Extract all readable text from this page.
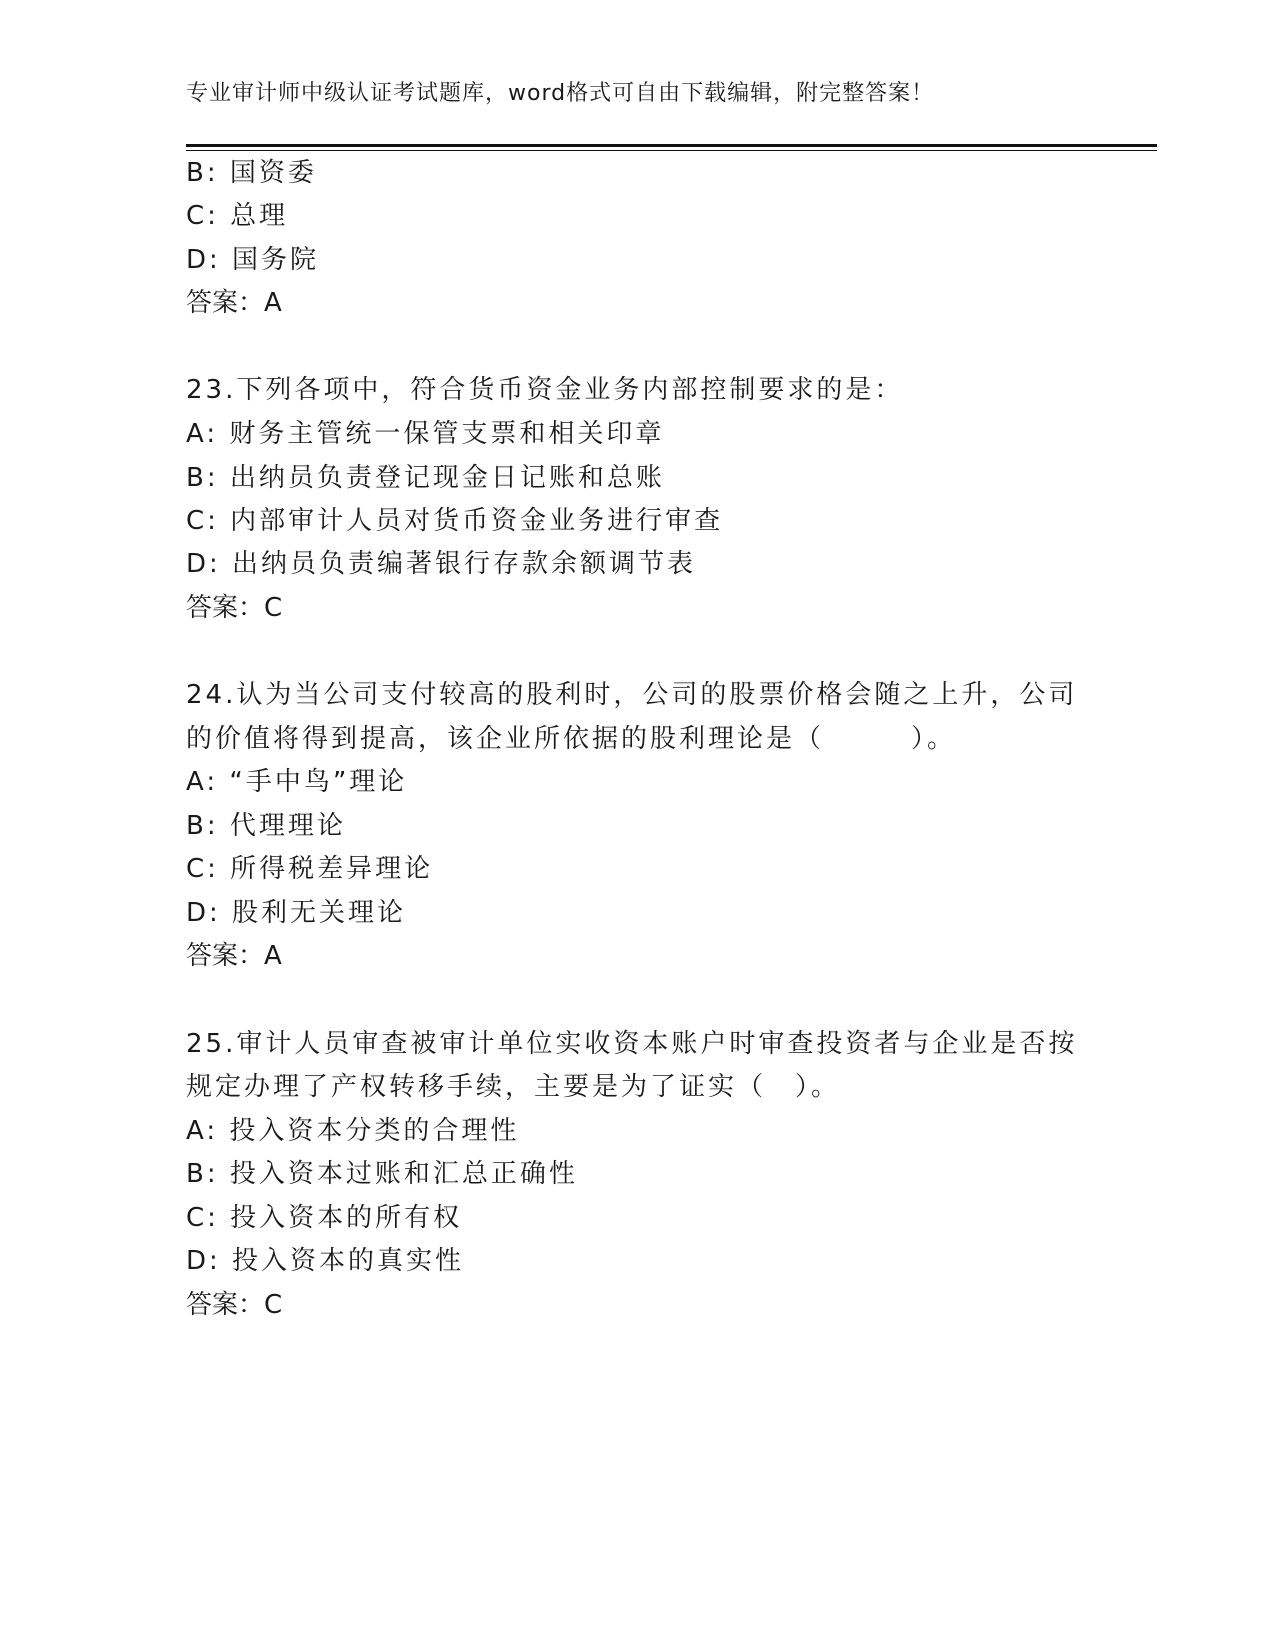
专业审计师中级认证考试题库，word格式可自由下载编辑，附完整答案！
B: 国资委
C: 总理
D: 国务院
答案：A
23.下列各项中，符合货币资金业务内部控制要求的是：
A: 财务主管统一保管支票和相关印章
B: 出纳员负责登记现金日记账和总账
C: 内部审计人员对货币资金业务进行审查
D: 出纳员负责编著银行存款余额调节表
答案：C
24.认为当公司支付较高的股利时，公司的股票价格会随之上升，公司
的价值将得到提高，该企业所依据的股利理论是（　　　）。
A: “手中鸟”理论
B: 代理理论
C: 所得税差异理论
D: 股利无关理论
答案：A
25.审计人员审查被审计单位实收资本账户时审查投资者与企业是否按
规定办理了产权转移手续，主要是为了证实（　）。
A: 投入资本分类的合理性
B: 投入资本过账和汇总正确性
C: 投入资本的所有权
D: 投入资本的真实性
答案：C
